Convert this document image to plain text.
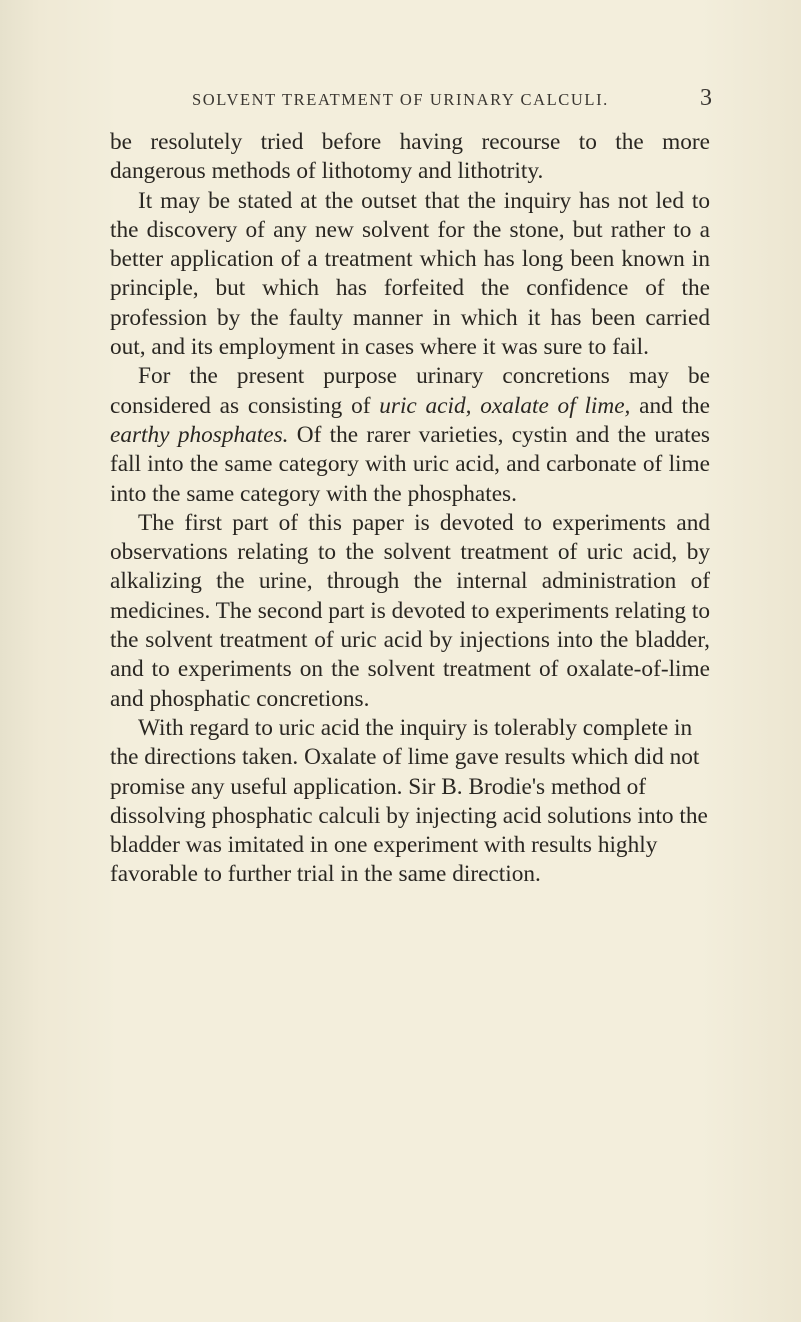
SOLVENT TREATMENT OF URINARY CALCULI.	3

be resolutely tried before having recourse to the more dangerous methods of lithotomy and lithotrity.

It may be stated at the outset that the inquiry has not led to the discovery of any new solvent for the stone, but rather to a better application of a treatment which has long been known in principle, but which has forfeited the confidence of the profession by the faulty manner in which it has been carried out, and its employment in cases where it was sure to fail.

For the present purpose urinary concretions may be considered as consisting of uric acid, oxalate of lime, and the earthy phosphates. Of the rarer varieties, cystin and the urates fall into the same category with uric acid, and carbonate of lime into the same category with the phosphates.

The first part of this paper is devoted to experiments and observations relating to the solvent treatment of uric acid, by alkalizing the urine, through the internal administration of medicines. The second part is devoted to experiments relating to the solvent treatment of uric acid by injections into the bladder, and to experiments on the solvent treatment of oxalate-of-lime and phosphatic concretions.

With regard to uric acid the inquiry is tolerably complete in the directions taken. Oxalate of lime gave results which did not promise any useful application. Sir B. Brodie's method of dissolving phosphatic calculi by injecting acid solutions into the bladder was imitated in one experiment with results highly favorable to further trial in the same direction.
